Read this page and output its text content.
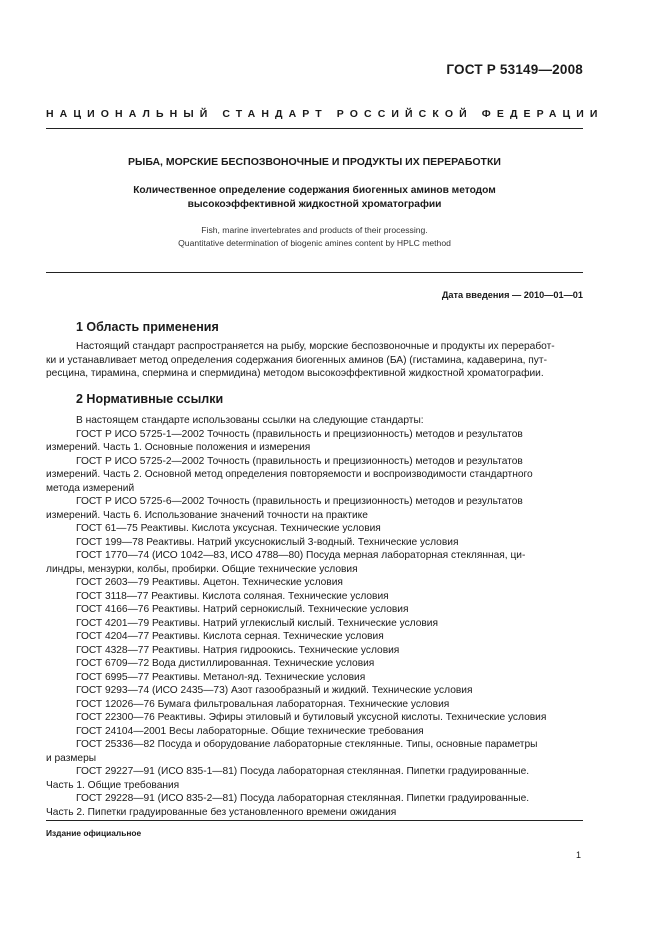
ГОСТ Р 53149—2008
НАЦИОНАЛЬНЫЙ СТАНДАРТ РОССИЙСКОЙ ФЕДЕРАЦИИ
РЫБА, МОРСКИЕ БЕСПОЗВОНОЧНЫЕ И ПРОДУКТЫ ИХ ПЕРЕРАБОТКИ
Количественное определение содержания биогенных аминов методом
высокоэффективной жидкостной хроматографии
Fish, marine invertebrates and products of their processing.
Quantitative determination of biogenic amines content by HPLC method
Дата введения — 2010—01—01
1 Область применения
Настоящий стандарт распространяется на рыбу, морские беспозвоночные и продукты их переработ-
ки и устанавливает метод определения содержания биогенных аминов (БА) (гистамина, кадаверина, пут-
ресцина, тирамина, спермина и спермидина) методом высокоэффективной жидкостной хроматографии.
2 Нормативные ссылки
В настоящем стандарте использованы ссылки на следующие стандарты:
ГОСТ Р ИСО 5725-1—2002 Точность (правильность и прецизионность) методов и результатов
измерений. Часть 1. Основные положения и измерения
ГОСТ Р ИСО 5725-2—2002 Точность (правильность и прецизионность) методов и результатов
измерений. Часть 2. Основной метод определения повторяемости и воспроизводимости стандартного
метода измерений
ГОСТ Р ИСО 5725-6—2002 Точность (правильность и прецизионность) методов и результатов
измерений. Часть 6. Использование значений точности на практике
ГОСТ 61—75 Реактивы. Кислота уксусная. Технические условия
ГОСТ 199—78 Реактивы. Натрий уксуснокислый 3-водный. Технические условия
ГОСТ 1770—74 (ИСО 1042—83, ИСО 4788—80) Посуда мерная лабораторная стеклянная, ци-
линдры, мензурки, колбы, пробирки. Общие технические условия
ГОСТ 2603—79 Реактивы. Ацетон. Технические условия
ГОСТ 3118—77 Реактивы. Кислота соляная. Технические условия
ГОСТ 4166—76 Реактивы. Натрий сернокислый. Технические условия
ГОСТ 4201—79 Реактивы. Натрий углекислый кислый. Технические условия
ГОСТ 4204—77 Реактивы. Кислота серная. Технические условия
ГОСТ 4328—77 Реактивы. Натрия гидроокись. Технические условия
ГОСТ 6709—72 Вода дистиллированная. Технические условия
ГОСТ 6995—77 Реактивы. Метанол-яд. Технические условия
ГОСТ 9293—74 (ИСО 2435—73) Азот газообразный и жидкий. Технические условия
ГОСТ 12026—76 Бумага фильтровальная лабораторная. Технические условия
ГОСТ 22300—76 Реактивы. Эфиры этиловый и бутиловый уксусной кислоты. Технические условия
ГОСТ 24104—2001 Весы лабораторные. Общие технические требования
ГОСТ 25336—82 Посуда и оборудование лабораторные стеклянные. Типы, основные параметры
и размеры
ГОСТ 29227—91 (ИСО 835-1—81) Посуда лабораторная стеклянная. Пипетки градуированные.
Часть 1. Общие требования
ГОСТ 29228—91 (ИСО 835-2—81) Посуда лабораторная стеклянная. Пипетки градуированные.
Часть 2. Пипетки градуированные без установленного времени ожидания
Издание официальное
1
